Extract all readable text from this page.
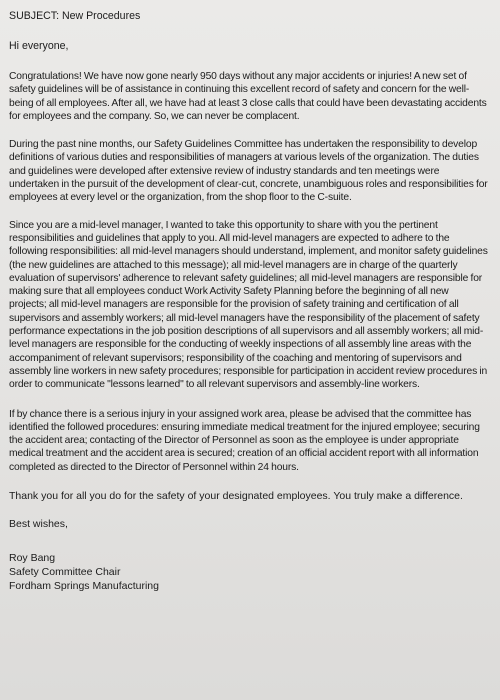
SUBJECT: New Procedures
Hi everyone,

Congratulations! We have now gone nearly 950 days without any major accidents or injuries! A new set of safety guidelines will be of assistance in continuing this excellent record of safety and concern for the well-being of all employees. After all, we have had at least 3 close calls that could have been devastating accidents for employees and the company. So, we can never be complacent.

During the past nine months, our Safety Guidelines Committee has undertaken the responsibility to develop definitions of various duties and responsibilities of managers at various levels of the organization. The duties and guidelines were developed after extensive review of industry standards and ten meetings were undertaken in the pursuit of the development of clear-cut, concrete, unambiguous roles and responsibilities for employees at every level or the organization, from the shop floor to the C-suite.

Since you are a mid-level manager, I wanted to take this opportunity to share with you the pertinent responsibilities and guidelines that apply to you. All mid-level managers are expected to adhere to the following responsibilities: all mid-level managers should understand, implement, and monitor safety guidelines (the new guidelines are attached to this message); all mid-level managers are in charge of the quarterly evaluation of supervisors' adherence to relevant safety guidelines; all mid-level managers are responsible for making sure that all employees conduct Work Activity Safety Planning before the beginning of all new projects; all mid-level managers are responsible for the provision of safety training and certification of all supervisors and assembly workers; all mid-level managers have the responsibility of the placement of safety performance expectations in the job position descriptions of all supervisors and all assembly workers; all mid-level managers are responsible for the conducting of weekly inspections of all assembly line areas with the accompaniment of relevant supervisors; responsibility of the coaching and mentoring of supervisors and assembly line workers in new safety procedures; responsible for participation in accident review procedures in order to communicate "lessons learned" to all relevant supervisors and assembly-line workers.

If by chance there is a serious injury in your assigned work area, please be advised that the committee has identified the followed procedures: ensuring immediate medical treatment for the injured employee; securing the accident area; contacting of the Director of Personnel as soon as the employee is under appropriate medical treatment and the accident area is secured; creation of an official accident report with all information completed as directed to the Director of Personnel within 24 hours.

Thank you for all you do for the safety of your designated employees. You truly make a difference.

Best wishes,

Roy Bang
Safety Committee Chair
Fordham Springs Manufacturing
